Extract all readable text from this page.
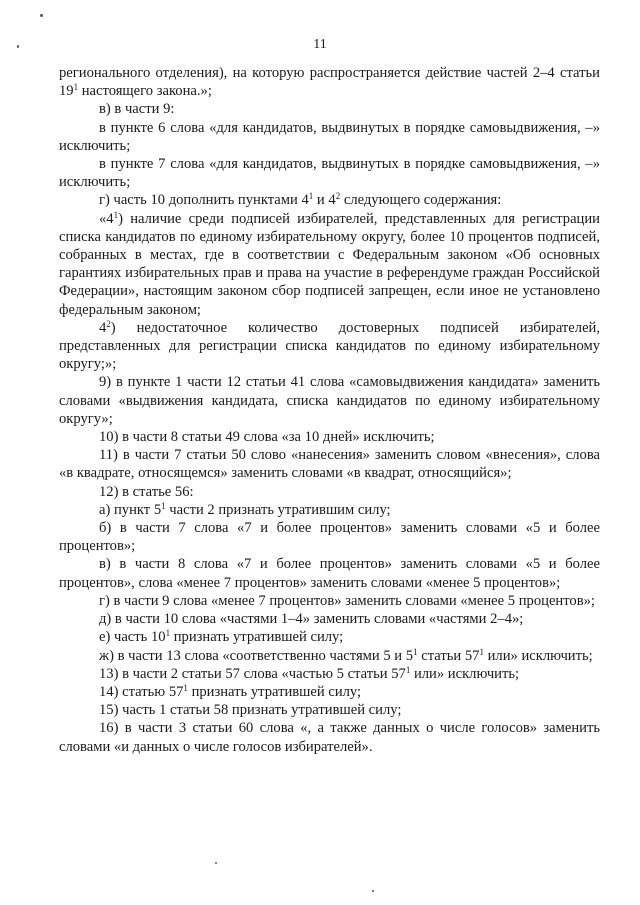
11

регионального отделения), на которую распространяется действие частей 2–4 статьи $19^1$ настоящего закона.»;

в) в части 9:

в пункте 6 слова «для кандидатов, выдвинутых в порядке самовыдвижения, –» исключить;

в пункте 7 слова «для кандидатов, выдвинутых в порядке самовыдвижения, –» исключить;

г) часть 10 дополнить пунктами $4^1$ и $4^2$ следующего содержания:

«$4^1$) наличие среди подписей избирателей, представленных для регистрации списка кандидатов по единому избирательному округу, более 10 процентов подписей, собранных в местах, где в соответствии с Федеральным законом «Об основных гарантиях избирательных прав и права на участие в референдуме граждан Российской Федерации», настоящим законом сбор подписей запрещен, если иное не установлено федеральным законом;

$4^2$) недостаточное количество достоверных подписей избирателей, представленных для регистрации списка кандидатов по единому избирательному округу;»;

9) в пункте 1 части 12 статьи 41 слова «самовыдвижения кандидата» заменить словами «выдвижения кандидата, списка кандидатов по единому избирательному округу»;

10) в части 8 статьи 49 слова «за 10 дней» исключить;

11) в части 7 статьи 50 слово «нанесения» заменить словом «внесения», слова «в квадрате, относящемся» заменить словами «в квадрат, относящийся»;

12) в статье 56:

а) пункт $5^1$ части 2 признать утратившим силу;

б) в части 7 слова «7 и более процентов» заменить словами «5 и более процентов»;

в) в части 8 слова «7 и более процентов» заменить словами «5 и более процентов», слова «менее 7 процентов» заменить словами «менее 5 процентов»;

г) в части 9 слова «менее 7 процентов» заменить словами «менее 5 процентов»;

д) в части 10 слова «частями 1–4» заменить словами «частями 2–4»;

е) часть $10^1$ признать утратившей силу;

ж) в части 13 слова «соответственно частями 5 и $5^1$ статьи $57^1$ или» исключить;

13) в части 2 статьи 57 слова «частью 5 статьи $57^1$ или» исключить;

14) статью $57^1$ признать утратившей силу;

15) часть 1 статьи 58 признать утратившей силу;

16) в части 3 статьи 60 слова «, а также данных о числе голосов» заменить словами «и данных о числе голосов избирателей».
